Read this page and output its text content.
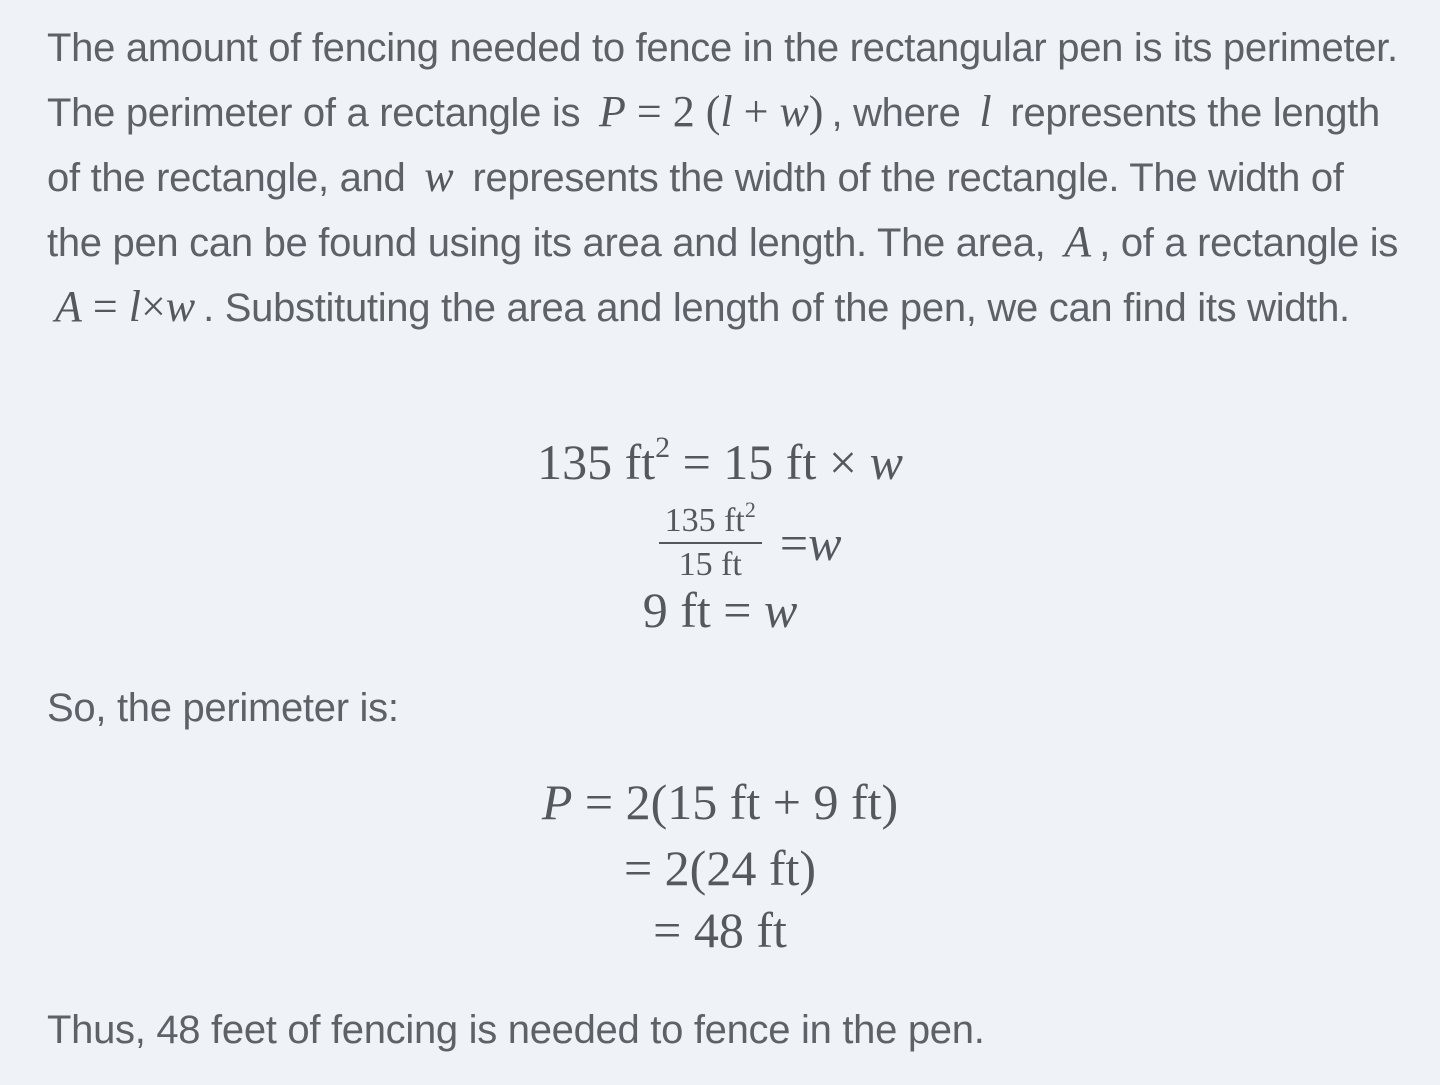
The amount of fencing needed to fence in the rectangular pen is its perimeter. The perimeter of a rectangle is P = 2 (l + w) , where l represents the length of the rectangle, and w represents the width of the rectangle. The width of the pen can be found using its area and length. The area, A , of a rectangle is A = l×w . Substituting the area and length of the pen, we can find its width.

135 $ft^2 = 15$ ft × w
$\frac{135 ft^2}{15 ft} = w$
9 ft = w

So, the perimeter is:

P = 2(15 ft + 9 ft)
= 2(24 ft)
= 48 ft

Thus, 48 feet of fencing is needed to fence in the pen.
